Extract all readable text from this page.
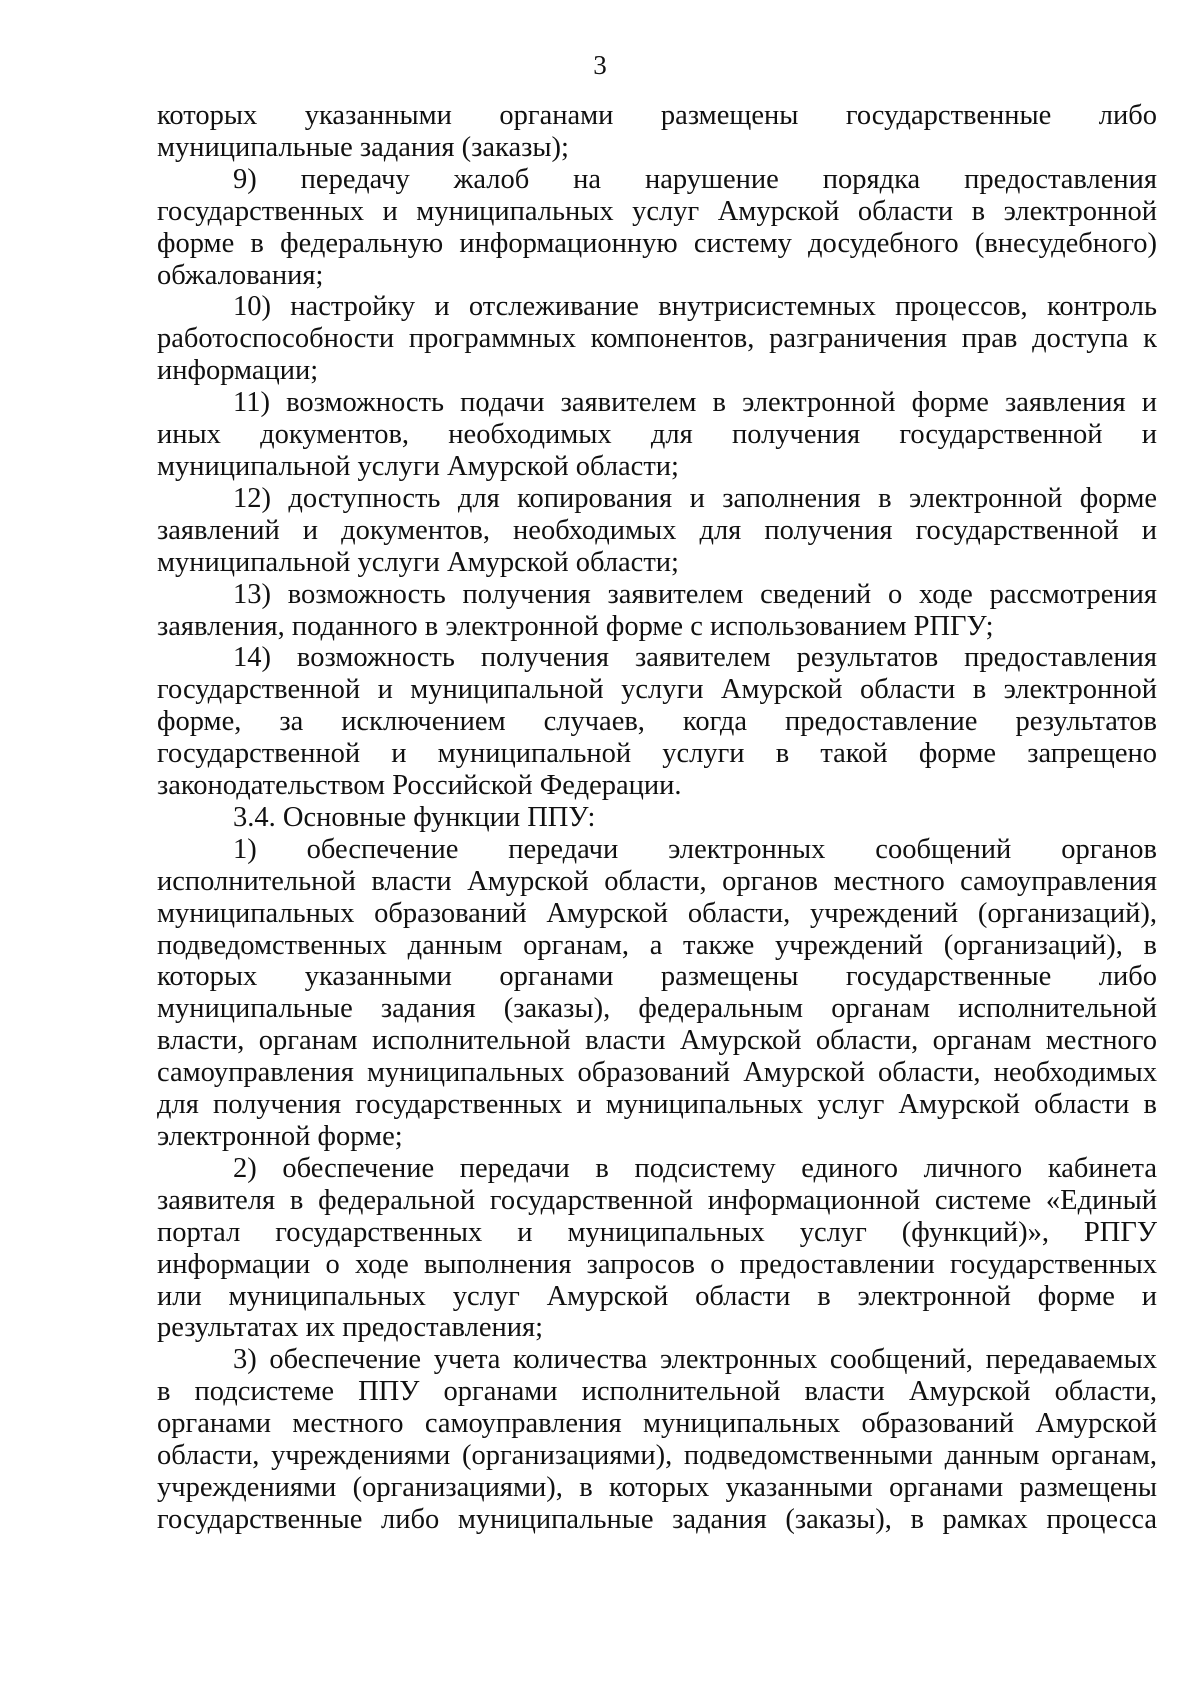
3
которых указанными органами размещены государственные либо
муниципальные задания (заказы);
9) передачу жалоб на нарушение порядка предоставления
государственных и муниципальных услуг Амурской области в электронной
форме в федеральную информационную систему досудебного (внесудебного)
обжалования;
10) настройку и отслеживание внутрисистемных процессов, контроль
работоспособности программных компонентов, разграничения прав доступа к
информации;
11) возможность подачи заявителем в электронной форме заявления и
иных документов, необходимых для получения государственной и
муниципальной услуги Амурской области;
12) доступность для копирования и заполнения в электронной форме
заявлений и документов, необходимых для получения государственной и
муниципальной услуги Амурской области;
13) возможность получения заявителем сведений о ходе рассмотрения
заявления, поданного в электронной форме с использованием РПГУ;
14) возможность получения заявителем результатов предоставления
государственной и муниципальной услуги Амурской области в электронной
форме, за исключением случаев, когда предоставление результатов
государственной и муниципальной услуги в такой форме запрещено
законодательством Российской Федерации.
3.4. Основные функции ППУ:
1) обеспечение передачи электронных сообщений органов
исполнительной власти Амурской области, органов местного самоуправления
муниципальных образований Амурской области, учреждений (организаций),
подведомственных данным органам, а также учреждений (организаций), в
которых указанными органами размещены государственные либо
муниципальные задания (заказы), федеральным органам исполнительной
власти, органам исполнительной власти Амурской области, органам местного
самоуправления муниципальных образований Амурской области, необходимых
для получения государственных и муниципальных услуг Амурской области в
электронной форме;
2) обеспечение передачи в подсистему единого личного кабинета
заявителя в федеральной государственной информационной системе «Единый
портал государственных и муниципальных услуг (функций)», РПГУ
информации о ходе выполнения запросов о предоставлении государственных
или муниципальных услуг Амурской области в электронной форме и
результатах их предоставления;
3) обеспечение учета количества электронных сообщений, передаваемых
в подсистеме ППУ органами исполнительной власти Амурской области,
органами местного самоуправления муниципальных образований Амурской
области, учреждениями (организациями), подведомственными данным органам,
учреждениями (организациями), в которых указанными органами размещены
государственные либо муниципальные задания (заказы), в рамках процесса
